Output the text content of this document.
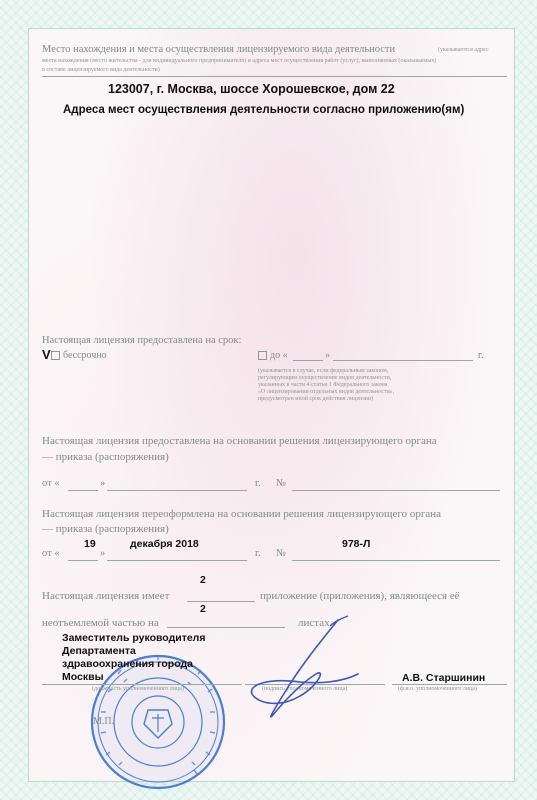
Место нахождения и места осуществления лицензируемого вида деятельности	(указываются адрес
места нахождения (место жительства - для индивидуального предпринимателя) и адреса мест осуществления работ (услуг), выполняемых (оказываемых)
в составе лицензируемого вида деятельности)
123007, г. Москва, шоссе Хорошевское, дом 22
Адреса мест осуществления деятельности согласно приложению(ям)
Настоящая лицензия предоставлена на срок:
V бессрочно	до «	»	г.
(указывается в случае, если федеральным законом,
регулирующим осуществление видов деятельности,
указанных в части 4 статьи 1 Федерального закона
«О лицензировании отдельных видов деятельности»,
предусмотрен иной срок действия лицензии)
Настоящая лицензия предоставлена на основании решения лицензирующего органа
— приказа (распоряжения)
от «	»	г. №
Настоящая лицензия переоформлена на основании решения лицензирующего органа
— приказа (распоряжения)
19	декабря 2018	978-Л
от «	»	г. №
2
Настоящая лицензия имеет	приложение (приложения), являющееся её
2
неотъемлемой частью на	листах.
Заместитель руководителя
Департамента
здравоохранения города
Москвы
(должность уполномоченного лица)	(подпись уполномоченного лица)
А.В. Старшинин
(ф.и.о. уполномоченного лица)
М.П.
